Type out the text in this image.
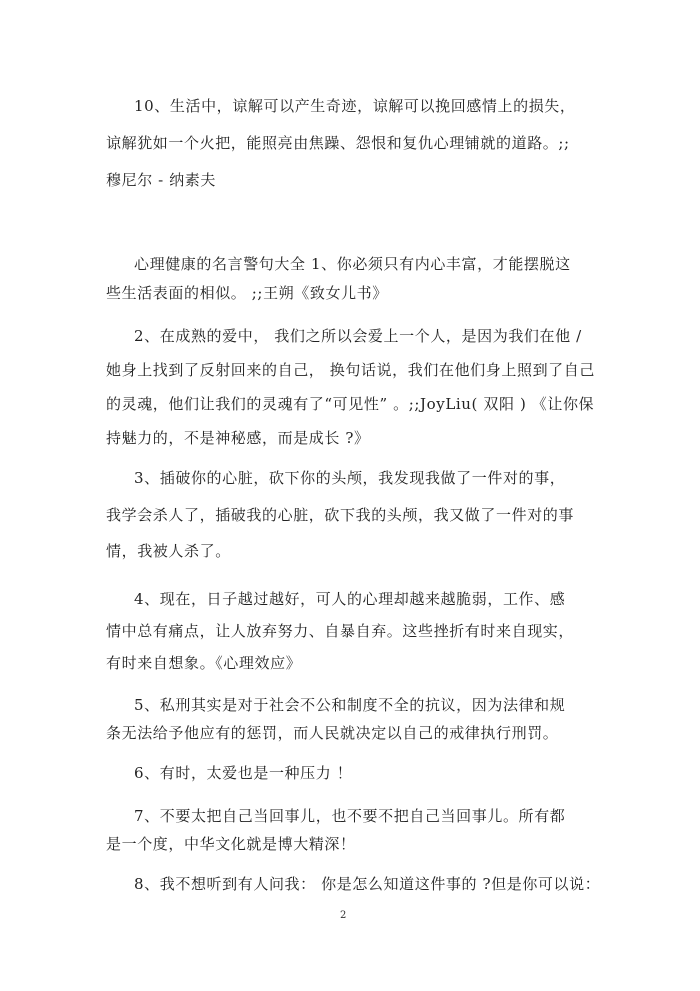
10、生活中，谅解可以产生奇迹，谅解可以挽回感情上的损失，
谅解犹如一个火把，能照亮由焦躁、怨恨和复仇心理铺就的道路。;;
穆尼尔 - 纳素夫
心理健康的名言警句大全 1、你必须只有内心丰富，才能摆脱这
些生活表面的相似。 ;;王朔《致女儿书》
2、在成熟的爱中， 我们之所以会爱上一个人，是因为我们在他 /
她身上找到了反射回来的自己， 换句话说，我们在他们身上照到了自己
的灵魂，他们让我们的灵魂有了“可见性” 。;;JoyLiu( 双阳 ) 《让你保
持魅力的，不是神秘感，而是成长 ?》
3、插破你的心脏，砍下你的头颅，我发现我做了一件对的事，
我学会杀人了，插破我的心脏，砍下我的头颅，我又做了一件对的事
情，我被人杀了。
4、现在，日子越过越好，可人的心理却越来越脆弱，工作、感
情中总有痛点，让人放弃努力、自暴自弃。这些挫折有时来自现实，
有时来自想象。《心理效应》
5、私刑其实是对于社会不公和制度不全的抗议，因为法律和规
条无法给予他应有的惩罚，而人民就决定以自己的戒律执行刑罚。
6、有时，太爱也是一种压力 ！
7、不要太把自己当回事儿，也不要不把自己当回事儿。所有都
是一个度，中华文化就是博大精深！
8、我不想听到有人问我： 你是怎么知道这件事的 ?但是你可以说：
2
